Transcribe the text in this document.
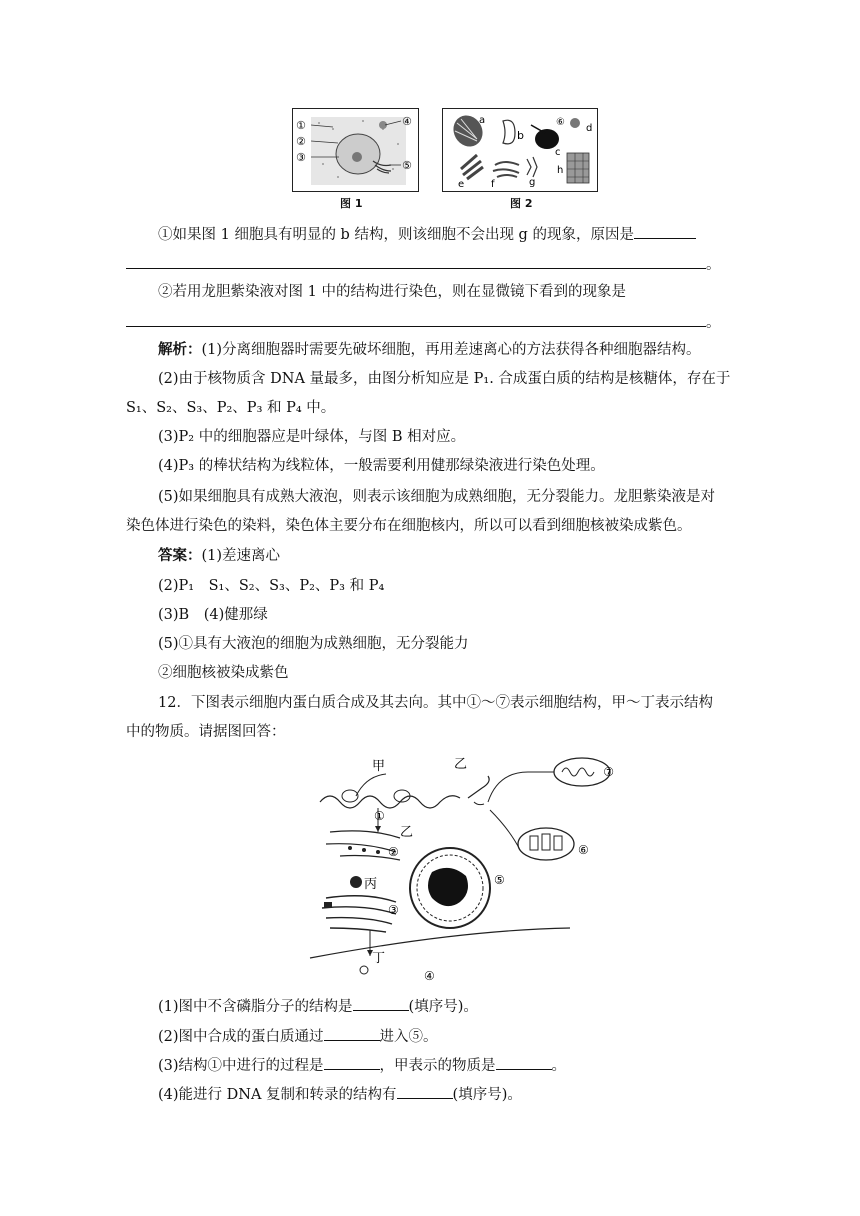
①
②
③
④
⑤
图 1
a
b
⑥
c
d
e	f	g
h
图 2
①如果图 1 细胞具有明显的 b 结构，则该细胞不会出现 g 的现象，原因是
。
②若用龙胆紫染液对图 1 中的结构进行染色，则在显微镜下看到的现象是
。
解析：(1)分离细胞器时需要先破坏细胞，再用差速离心的方法获得各种细胞器结构。
(2)由于核物质含 DNA 量最多，由图分析知应是 P₁. 合成蛋白质的结构是核糖体，存在于
S₁、S₂、S₃、P₂、P₃ 和 P₄ 中。
(3)P₂ 中的细胞器应是叶绿体，与图 B 相对应。
(4)P₃ 的棒状结构为线粒体，一般需要利用健那绿染液进行染色处理。
(5)如果细胞具有成熟大液泡，则表示该细胞为成熟细胞，无分裂能力。龙胆紫染液是对
染色体进行染色的染料，染色体主要分布在细胞核内，所以可以看到细胞核被染成紫色。
答案：(1)差速离心
(2)P₁　S₁、S₂、S₃、P₂、P₃ 和 P₄
(3)B　(4)健那绿
(5)①具有大液泡的细胞为成熟细胞，无分裂能力
②细胞核被染成紫色
12．下图表示细胞内蛋白质合成及其去向。其中①～⑦表示细胞结构，甲～丁表示结构
中的物质。请据图回答：
甲	乙
①
乙
②
丙
③
⑤
⑥
⑦
丁
④
(1)图中不含磷脂分子的结构是	(填序号)。
(2)图中合成的蛋白质通过	进入⑤。
(3)结构①中进行的过程是	，甲表示的物质是	。
(4)能进行 DNA 复制和转录的结构有	(填序号)。
